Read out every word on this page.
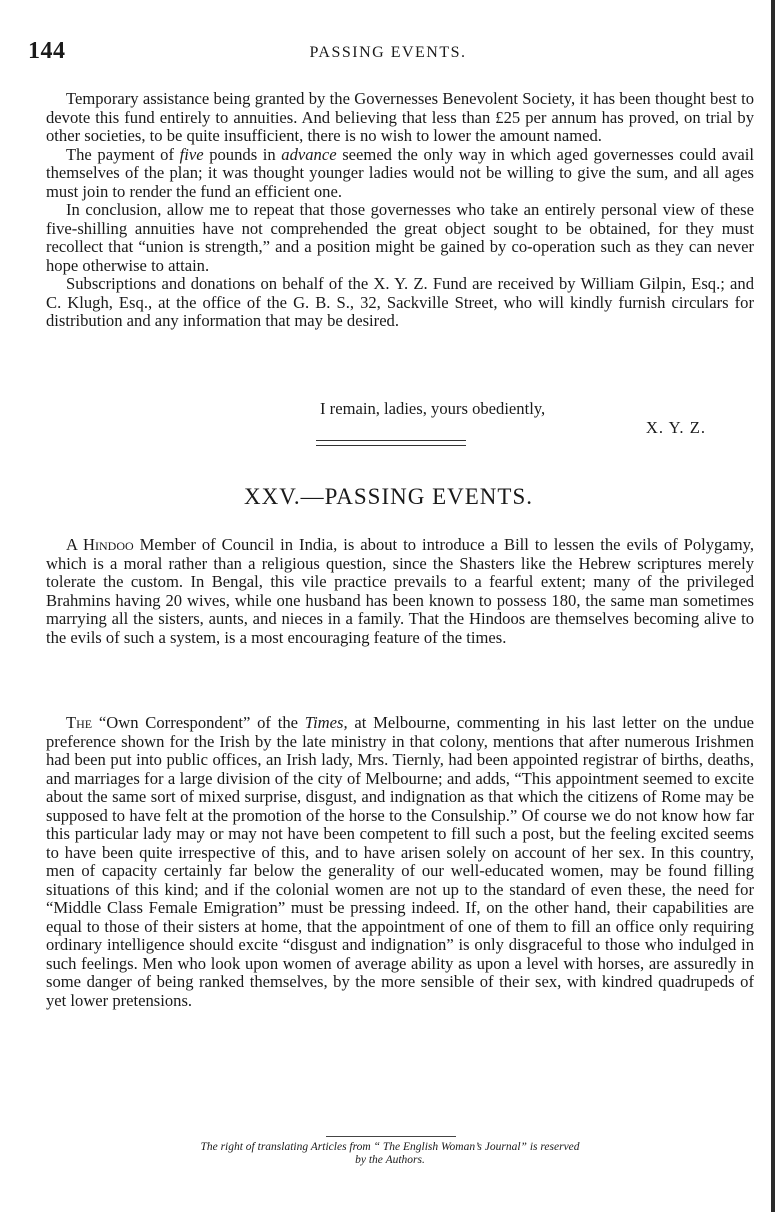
144	PASSING EVENTS.

Temporary assistance being granted by the Governesses Benevolent Society, it has been thought best to devote this fund entirely to annuities. And believing that less than £25 per annum has proved, on trial by other societies, to be quite insufficient, there is no wish to lower the amount named.

The payment of five pounds in advance seemed the only way in which aged governesses could avail themselves of the plan; it was thought younger ladies would not be willing to give the sum, and all ages must join to render the fund an efficient one.

In conclusion, allow me to repeat that those governesses who take an entirely personal view of these five-shilling annuities have not comprehended the great object sought to be obtained, for they must recollect that “union is strength,” and a position might be gained by co-operation such as they can never hope otherwise to attain.

Subscriptions and donations on behalf of the X. Y. Z. Fund are received by William Gilpin, Esq.; and C. Klugh, Esq., at the office of the G. B. S., 32, Sackville Street, who will kindly furnish circulars for distribution and any information that may be desired.

I remain, ladies, yours obediently,
X. Y. Z.
XXV.—PASSING EVENTS.

A Hindoo Member of Council in India, is about to introduce a Bill to lessen the evils of Polygamy, which is a moral rather than a religious question, since the Shasters like the Hebrew scriptures merely tolerate the custom. In Bengal, this vile practice prevails to a fearful extent; many of the privileged Brahmins having 20 wives, while one husband has been known to possess 180, the same man sometimes marrying all the sisters, aunts, and nieces in a family. That the Hindoos are themselves becoming alive to the evils of such a system, is a most encouraging feature of the times.

The “Own Correspondent” of the Times, at Melbourne, commenting in his last letter on the undue preference shown for the Irish by the late ministry in that colony, mentions that after numerous Irishmen had been put into public offices, an Irish lady, Mrs. Tiernly, had been appointed registrar of births, deaths, and marriages for a large division of the city of Melbourne; and adds, “This appointment seemed to excite about the same sort of mixed surprise, disgust, and indignation as that which the citizens of Rome may be supposed to have felt at the promotion of the horse to the Consulship.” Of course we do not know how far this particular lady may or may not have been competent to fill such a post, but the feeling excited seems to have been quite irrespective of this, and to have arisen solely on account of her sex. In this country, men of capacity certainly far below the generality of our well-educated women, may be found filling situations of this kind; and if the colonial women are not up to the standard of even these, the need for “Middle Class Female Emigration” must be pressing indeed. If, on the other hand, their capabilities are equal to those of their sisters at home, that the appointment of one of them to fill an office only requiring ordinary intelligence should excite “disgust and indignation” is only disgraceful to those who indulged in such feelings. Men who look upon women of average ability as upon a level with horses, are assuredly in some danger of being ranked themselves, by the more sensible of their sex, with kindred quadrupeds of yet lower pretensions.

The right of translating Articles from “ The English Woman’s Journal” is reserved
by the Authors.
